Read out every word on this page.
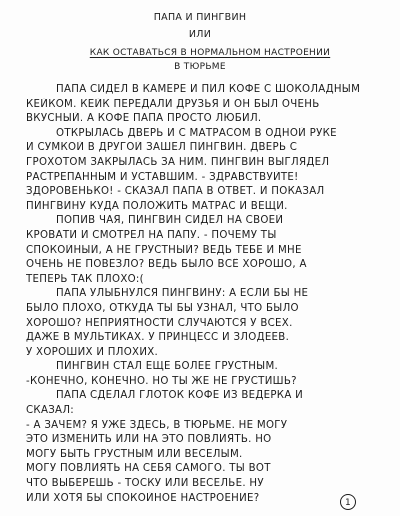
ПАПА И ПИНГВИН
ИЛИ
КАК ОСТАВАТЬСЯ В НОРМАЛЬНОМ НАСТРОЕНИИ
В ТЮРЬМЕ
ПАПА СИДЕЛ В КАМЕРЕ И ПИЛ КОФЕ С ШОКОЛАДНЫМ
КЕЙКОМ. КЕЙК ПЕРЕДАЛИ ДРУЗЬЯ И ОН БЫЛ ОЧЕНЬ
ВКУСНЫЙ. А КОФЕ ПАПА ПРОСТО ЛЮБИЛ.
ОТКРЫЛАСЬ ДВЕРЬ И С МАТРАСОМ В ОДНОЙ РУКЕ
И СУМКОЙ В ДРУГОЙ ЗАШЕЛ ПИНГВИН. ДВЕРЬ С
ГРОХОТОМ ЗАКРЫЛАСЬ ЗА НИМ. ПИНГВИН ВЫГЛЯДЕЛ
РАСТРЕПАННЫМ И УСТАВШИМ. - ЗДРАВСТВУЙТЕ!
ЗДОРОВЕНЬКО! - СКАЗАЛ ПАПА В ОТВЕТ. И ПОКАЗАЛ
ПИНГВИНУ КУДА ПОЛОЖИТЬ МАТРАС И ВЕЩИ.
ПОПИВ ЧАЯ, ПИНГВИН СИДЕЛ НА СВОЕЙ
КРОВАТИ И СМОТРЕЛ НА ПАПУ. - ПОЧЕМУ ТЫ
СПОКОЙНЫЙ, А НЕ ГРУСТНЫЙ? ВЕДЬ ТЕБЕ И МНЕ
ОЧЕНЬ НЕ ПОВЕЗЛО? ВЕДЬ БЫЛО ВСЁ ХОРОШО, А
ТЕПЕРЬ ТАК ПЛОХО:(
ПАПА УЛЫБНУЛСЯ ПИНГВИНУ: А ЕСЛИ БЫ НЕ
БЫЛО ПЛОХО, ОТКУДА ТЫ БЫ УЗНАЛ, ЧТО БЫЛО
ХОРОШО? НЕПРИЯТНОСТИ СЛУЧАЮТСЯ У ВСЕХ.
ДАЖЕ В МУЛЬТИКАХ. У ПРИНЦЕСС И ЗЛОДЕЕВ.
У ХОРОШИХ И ПЛОХИХ.
ПИНГВИН СТАЛ ЕЩЕ БОЛЕЕ ГРУСТНЫМ.
-КОНЕЧНО, КОНЕЧНО. НО ТЫ ЖЕ НЕ ГРУСТИШЬ?
ПАПА СДЕЛАЛ ГЛОТОК КОФЕ ИЗ ВЕДЕРКА И
СКАЗАЛ:
- А ЗАЧЕМ? Я УЖЕ ЗДЕСЬ, В ТЮРЬМЕ. НЕ МОГУ
ЭТО ИЗМЕНИТЬ ИЛИ НА ЭТО ПОВЛИЯТЬ. НО
МОГУ БЫТЬ ГРУСТНЫМ ИЛИ ВЕСЕЛЫМ.
МОГУ ПОВЛИЯТЬ НА СЕБЯ САМОГО. ТЫ ВОТ
ЧТО ВЫБЕРЕШЬ - ТОСКУ ИЛИ ВЕСЕЛЬЕ. НУ
ИЛИ ХОТЯ БЫ СПОКОЙНОЕ НАСТРОЕНИЕ?	1
